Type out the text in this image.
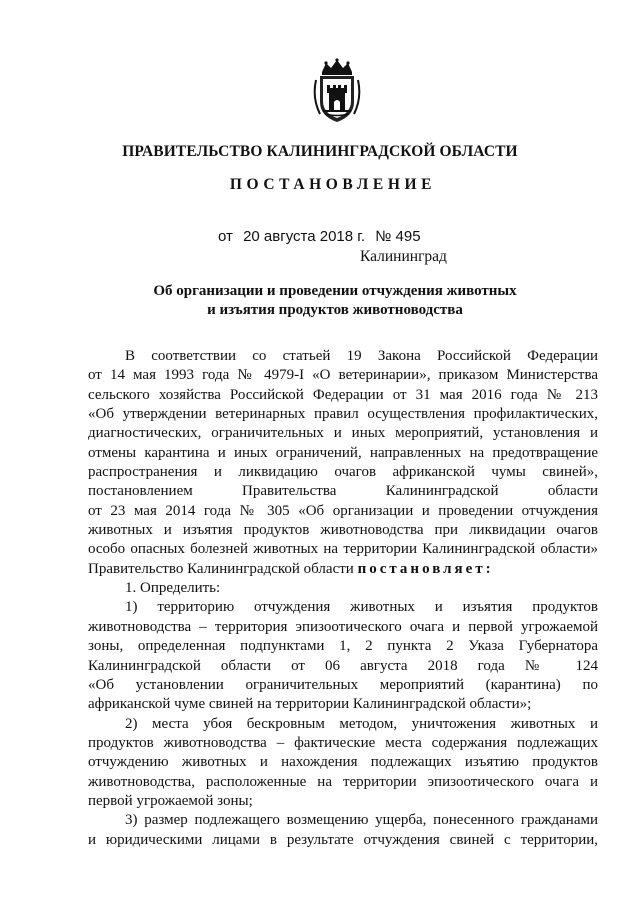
ПРАВИТЕЛЬСТВО КАЛИНИНГРАДСКОЙ ОБЛАСТИ
ПОСТАНОВЛЕНИЕ
от 20 августа 2018 г. № 495
Калининград
Об организации и проведении отчуждения животных
и изъятия продуктов животноводства

В соответствии со статьей 19 Закона Российской Федерации

от 14 мая 1993 года № 4979-I «О ветеринарии», приказом Министерства

сельского хозяйства Российской Федерации от 31 мая 2016 года № 213

«Об утверждении ветеринарных правил осуществления профилактических,

диагностических, ограничительных и иных мероприятий, установления и

отмены карантина и иных ограничений, направленных на предотвращение

распространения и ликвидацию очагов африканской чумы свиней»,

постановлением Правительства Калининградской области

от 23 мая 2014 года № 305 «Об организации и проведении отчуждения

животных и изъятия продуктов животноводства при ликвидации очагов

особо опасных болезней животных на территории Калининградской области»

Правительство Калининградской области постановляет:

1. Определить:

1) территорию отчуждения животных и изъятия продуктов

животноводства – территория эпизоотического очага и первой угрожаемой

зоны, определенная подпунктами 1, 2 пункта 2 Указа Губернатора

Калининградской области от 06 августа 2018 года № 124

«Об установлении ограничительных мероприятий (карантина) по

африканской чуме свиней на территории Калининградской области»;

2) места убоя бескровным методом, уничтожения животных и

продуктов животноводства – фактические места содержания подлежащих

отчуждению животных и нахождения подлежащих изъятию продуктов

животноводства, расположенные на территории эпизоотического очага и

первой угрожаемой зоны;

3) размер подлежащего возмещению ущерба, понесенного гражданами

и юридическими лицами в результате отчуждения свиней с территории,
